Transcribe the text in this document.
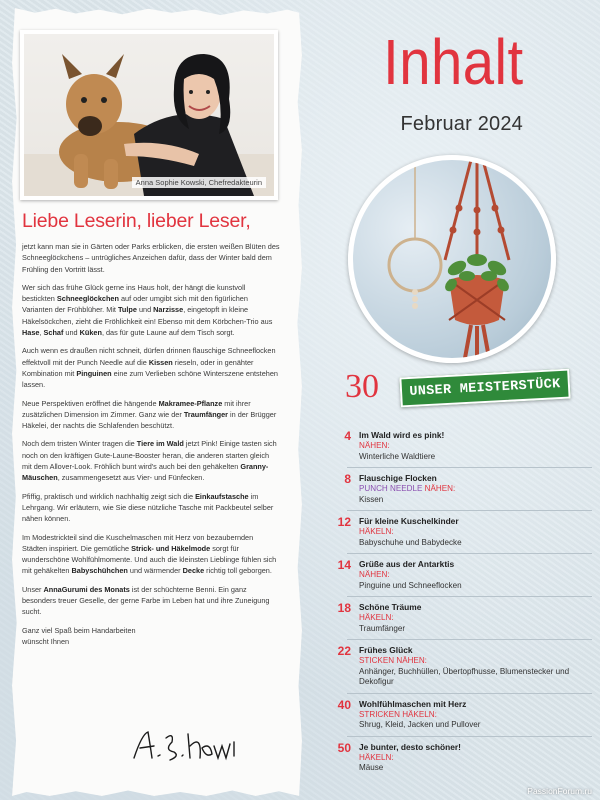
Anna Sophie Kowski, Chefredakteurin
Liebe Leserin, lieber Leser,

jetzt kann man sie in Gärten oder Parks erblicken, die ersten weißen Blüten des Schneeglöckchens – untrügliches Anzeichen dafür, dass der Winter bald dem Frühling den Vortritt lässt.

Wer sich das frühe Glück gerne ins Haus holt, der hängt die kunstvoll bestickten Schneeglöckchen auf oder umgibt sich mit den figürlichen Varianten der Frühblüher. Mit Tulpe und Narzisse, eingetopft in kleine Häkelsöckchen, zieht die Fröhlichkeit ein! Ebenso mit dem Körbchen-Trio aus Hase, Schaf und Küken, das für gute Laune auf dem Tisch sorgt.

Auch wenn es draußen nicht schneit, dürfen drinnen flauschige Schneeflocken effektvoll mit der Punch Needle auf die Kissen rieseln, oder in genähter Kombination mit Pinguinen eine zum Verlieben schöne Winterszene entstehen lassen.

Neue Perspektiven eröffnet die hängende Makramee-Pflanze mit ihrer zusätzlichen Dimension im Zimmer. Ganz wie der Traumfänger in der Brügger Häkelei, der nachts die Schlafenden beschützt.

Noch dem tristen Winter tragen die Tiere im Wald jetzt Pink! Einige tasten sich noch on den kräftigen Gute-Laune-Booster heran, die anderen starten gleich mit dem Allover-Look. Fröhlich bunt wird's auch bei den gehäkelten Granny-Mäuschen, zusammengesetzt aus Vier- und Fünfecken.

Pfiffig, praktisch und wirklich nachhaltig zeigt sich die Einkaufstasche im Lehrgang. Wir erläutern, wie Sie diese nützliche Tasche mit Packbeutel selber nähen können.

Im Modestrickteil sind die Kuschelmaschen mit Herz von bezaubernden Städten inspiriert. Die gemütliche Strick- und Häkelmode sorgt für wunderschöne Wohlfühlmomente. Und auch die kleinsten Lieblinge fühlen sich mit gehäkelten Babyschühchen und wärmender Decke richtig toll geborgen.

Unser AnnaGurumi des Monats ist der schüchterne Benni. Ein ganz besonders treuer Geselle, der gerne Farbe im Leben hat und ihre Zuneigung sucht.

Ganz viel Spaß beim Handarbeiten
wünscht Ihnen
Inhalt
Februar 2024
30 UNSER MEISTERSTÜCK
4 Im Wald wird es pink!
NÄHEN:
Winterliche Waldtiere
8 Flauschige Flocken
PUNCH NEEDLE NÄHEN:
Kissen
12 Für kleine Kuschelkinder
HÄKELN:
Babyschuhe und Babydecke
14 Grüße aus der Antarktis
NÄHEN:
Pinguine und Schneeflocken
18 Schöne Träume
HÄKELN:
Traumfänger
22 Frühes Glück
STICKEN NÄHEN:
Anhänger, Buchhüllen, Übertopfhusse, Blumenstecker und Dekofigur
40 Wohlfühlmaschen mit Herz
STRICKEN HÄKELN:
Shrug, Kleid, Jacken und Pullover
50 Je bunter, desto schöner!
HÄKELN:
Mäuse
PassionForum.ru
